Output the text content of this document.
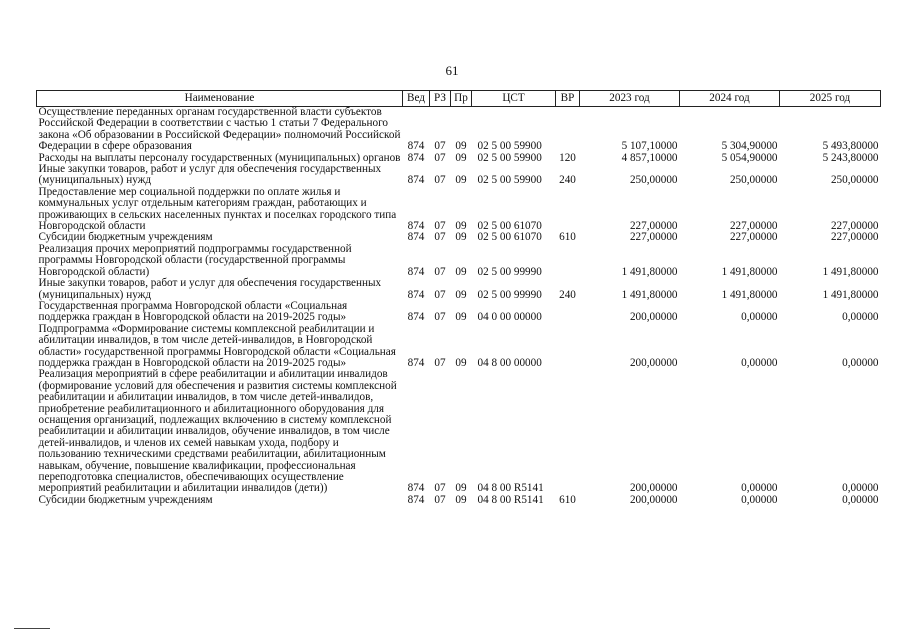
61
Наименование	Вед	РЗ	Пр	ЦСТ	ВР	2023 год	2024 год	2025 год
Осуществление переданных органам государственной власти субъектов Российской Федерации в соответствии с частью 1 статьи 7 Федерального закона «Об образовании в Российской Федерации» полномочий Российской Федерации в сфере образования	874	07	09	02 5 00 59900		5 107,10000	5 304,90000	5 493,80000
Расходы на выплаты персоналу государственных (муниципальных) органов	874	07	09	02 5 00 59900	120	4 857,10000	5 054,90000	5 243,80000
Иные закупки товаров, работ и услуг для обеспечения государственных (муниципальных) нужд	874	07	09	02 5 00 59900	240	250,00000	250,00000	250,00000
Предоставление мер социальной поддержки по оплате жилья и коммунальных услуг отдельным категориям граждан, работающих и проживающих в сельских населенных пунктах и поселках городского типа Новгородской области	874	07	09	02 5 00 61070		227,00000	227,00000	227,00000
Субсидии бюджетным учреждениям	874	07	09	02 5 00 61070	610	227,00000	227,00000	227,00000
Реализация прочих мероприятий подпрограммы государственной программы Новгородской области (государственной программы Новгородской области)	874	07	09	02 5 00 99990		1 491,80000	1 491,80000	1 491,80000
Иные закупки товаров, работ и услуг для обеспечения государственных (муниципальных) нужд	874	07	09	02 5 00 99990	240	1 491,80000	1 491,80000	1 491,80000
Государственная программа Новгородской области «Социальная поддержка граждан в Новгородской области на 2019-2025 годы»	874	07	09	04 0 00 00000		200,00000	0,00000	0,00000
Подпрограмма «Формирование системы комплексной реабилитации и абилитации инвалидов, в том числе детей-инвалидов, в Новгородской области» государственной программы Новгородской области «Социальная поддержка граждан в Новгородской области на 2019-2025 годы»	874	07	09	04 8 00 00000		200,00000	0,00000	0,00000
Реализация мероприятий в сфере реабилитации и абилитации инвалидов (формирование условий для обеспечения и развития системы комплексной реабилитации и абилитации инвалидов, в том числе детей-инвалидов, приобретение реабилитационного и абилитационного оборудования для оснащения организаций, подлежащих включению в систему комплексной реабилитации и абилитации инвалидов, обучение инвалидов, в том числе детей-инвалидов, и членов их семей навыкам ухода, подбору и пользованию техническими средствами реабилитации, абилитационным навыкам, обучение, повышение квалификации, профессиональная переподготовка специалистов, обеспечивающих осуществление мероприятий реабилитации и абилитации инвалидов (дети))	874	07	09	04 8 00 R5141		200,00000	0,00000	0,00000
Субсидии бюджетным учреждениям	874	07	09	04 8 00 R5141	610	200,00000	0,00000	0,00000
